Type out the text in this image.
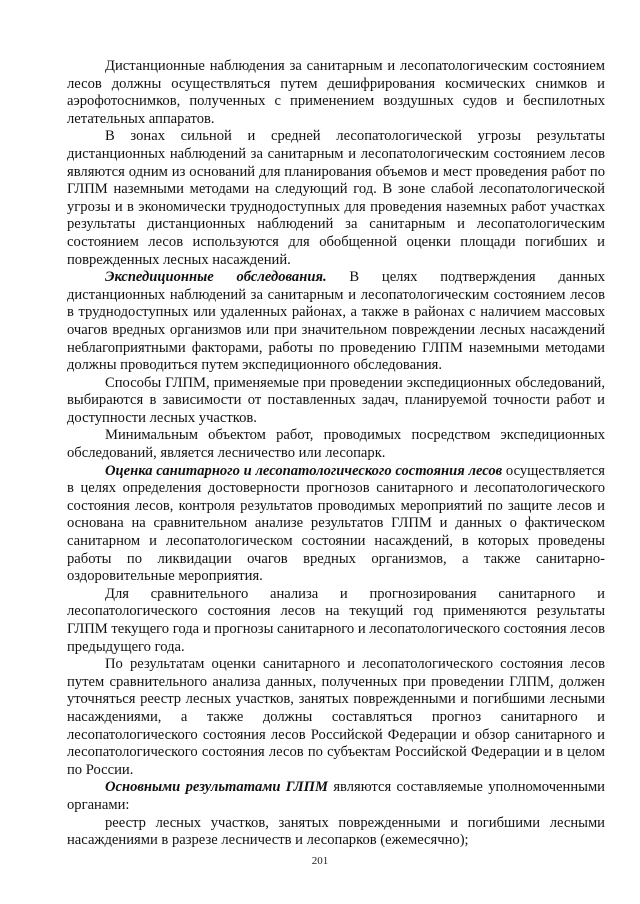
Дистанционные наблюдения за санитарным и лесопатологическим состоянием лесов должны осуществляться путем дешифрирования космических снимков и аэрофотоснимков, полученных с применением воздушных судов и беспилотных летательных аппаратов.

В зонах сильной и средней лесопатологической угрозы результаты дистанционных наблюдений за санитарным и лесопатологическим состоянием лесов являются одним из оснований для планирования объемов и мест проведения работ по ГЛПМ наземными методами на следующий год. В зоне слабой лесопатологической угрозы и в экономически труднодоступных для проведения наземных работ участках результаты дистанционных наблюдений за санитарным и лесопатологическим состоянием лесов используются для обобщенной оценки площади погибших и поврежденных лесных насаждений.

Экспедиционные обследования. В целях подтверждения данных дистанционных наблюдений за санитарным и лесопатологическим состоянием лесов в труднодоступных или удаленных районах, а также в районах с наличием массовых очагов вредных организмов или при значительном повреждении лесных насаждений неблагоприятными факторами, работы по проведению ГЛПМ наземными методами должны проводиться путем экспедиционного обследования.

Способы ГЛПМ, применяемые при проведении экспедиционных обследований, выбираются в зависимости от поставленных задач, планируемой точности работ и доступности лесных участков.

Минимальным объектом работ, проводимых посредством экспедиционных обследований, является лесничество или лесопарк.

Оценка санитарного и лесопатологического состояния лесов осуществляется в целях определения достоверности прогнозов санитарного и лесопатологического состояния лесов, контроля результатов проводимых мероприятий по защите лесов и основана на сравнительном анализе результатов ГЛПМ и данных о фактическом санитарном и лесопатологическом состоянии насаждений, в которых проведены работы по ликвидации очагов вредных организмов, а также санитарно-оздоровительные мероприятия.

Для сравнительного анализа и прогнозирования санитарного и лесопатологического состояния лесов на текущий год применяются результаты ГЛПМ текущего года и прогнозы санитарного и лесопатологического состояния лесов предыдущего года.

По результатам оценки санитарного и лесопатологического состояния лесов путем сравнительного анализа данных, полученных при проведении ГЛПМ, должен уточняться реестр лесных участков, занятых поврежденными и погибшими лесными насаждениями, а также должны составляться прогноз санитарного и лесопатологического состояния лесов Российской Федерации и обзор санитарного и лесопатологического состояния лесов по субъектам Российской Федерации и в целом по России.

Основными результатами ГЛПМ являются составляемые уполномоченными органами:

реестр лесных участков, занятых поврежденными и погибшими лесными насаждениями в разрезе лесничеств и лесопарков (ежемесячно);

201
